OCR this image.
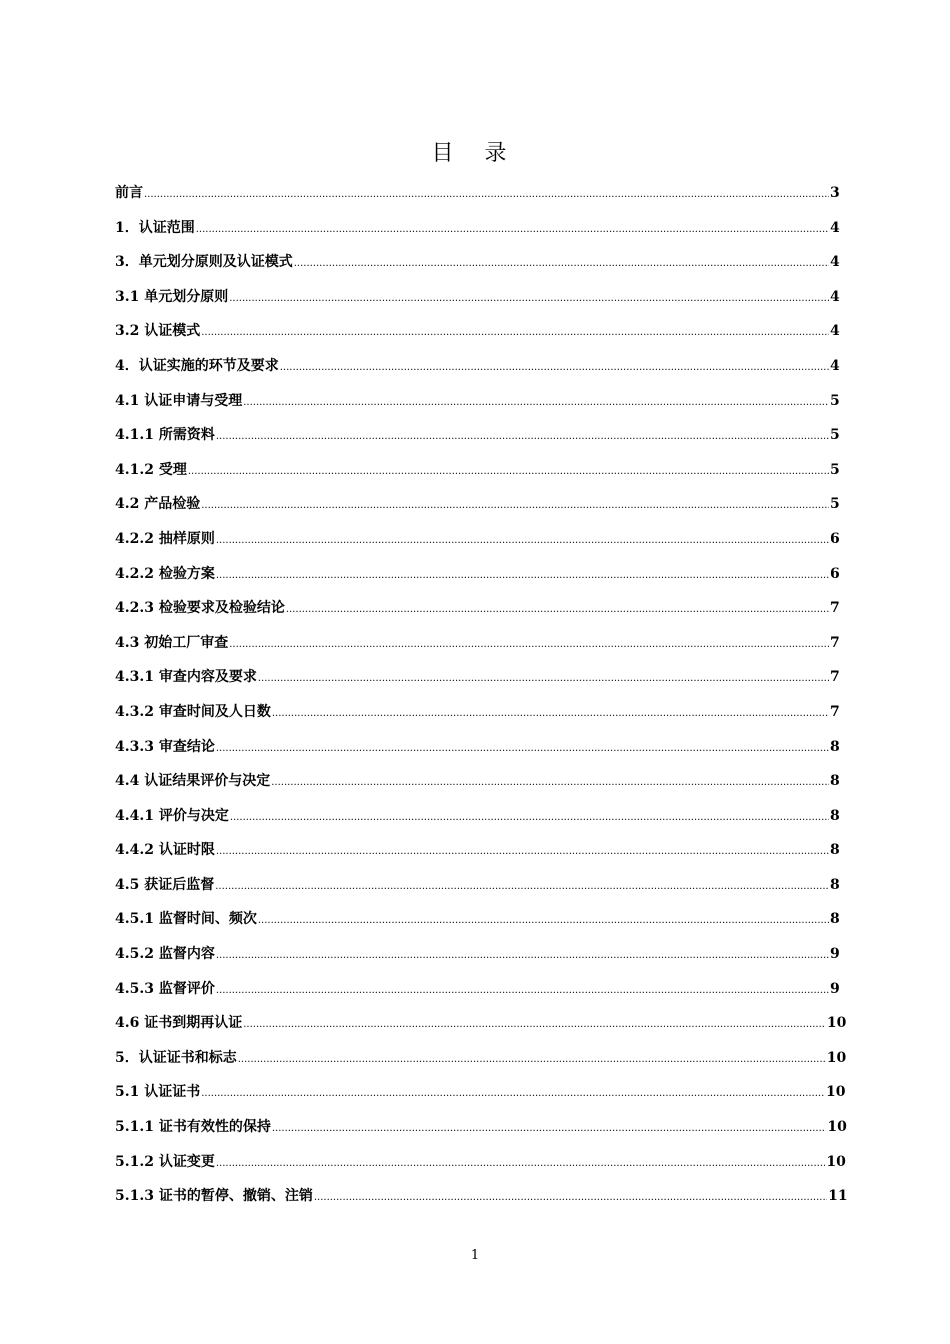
目 录
前言 .....	3
1．认证范围 .....	4
3．单元划分原则及认证模式 .....	4
3.1 单元划分原则 .....	4
3.2 认证模式 .....	4
4．认证实施的环节及要求 .....	4
4.1 认证申请与受理 .....	5
4.1.1 所需资料 .....	5
4.1.2 受理 .....	5
4.2 产品检验 .....	5
4.2.2 抽样原则 .....	6
4.2.2 检验方案 .....	6
4.2.3 检验要求及检验结论 .....	7
4.3 初始工厂审查 .....	7
4.3.1 审查内容及要求 .....	7
4.3.2 审查时间及人日数 .....	7
4.3.3 审查结论 .....	8
4.4 认证结果评价与决定 .....	8
4.4.1 评价与决定 .....	8
4.4.2 认证时限 .....	8
4.5 获证后监督 .....	8
4.5.1 监督时间、频次 .....	8
4.5.2 监督内容 .....	9
4.5.3 监督评价 .....	9
4.6 证书到期再认证 .....	10
5．认证证书和标志 .....	10
5.1 认证证书 .....	10
5.1.1 证书有效性的保持 .....	10
5.1.2 认证变更 .....	10
5.1.3 证书的暂停、撤销、注销 .....	11
1
